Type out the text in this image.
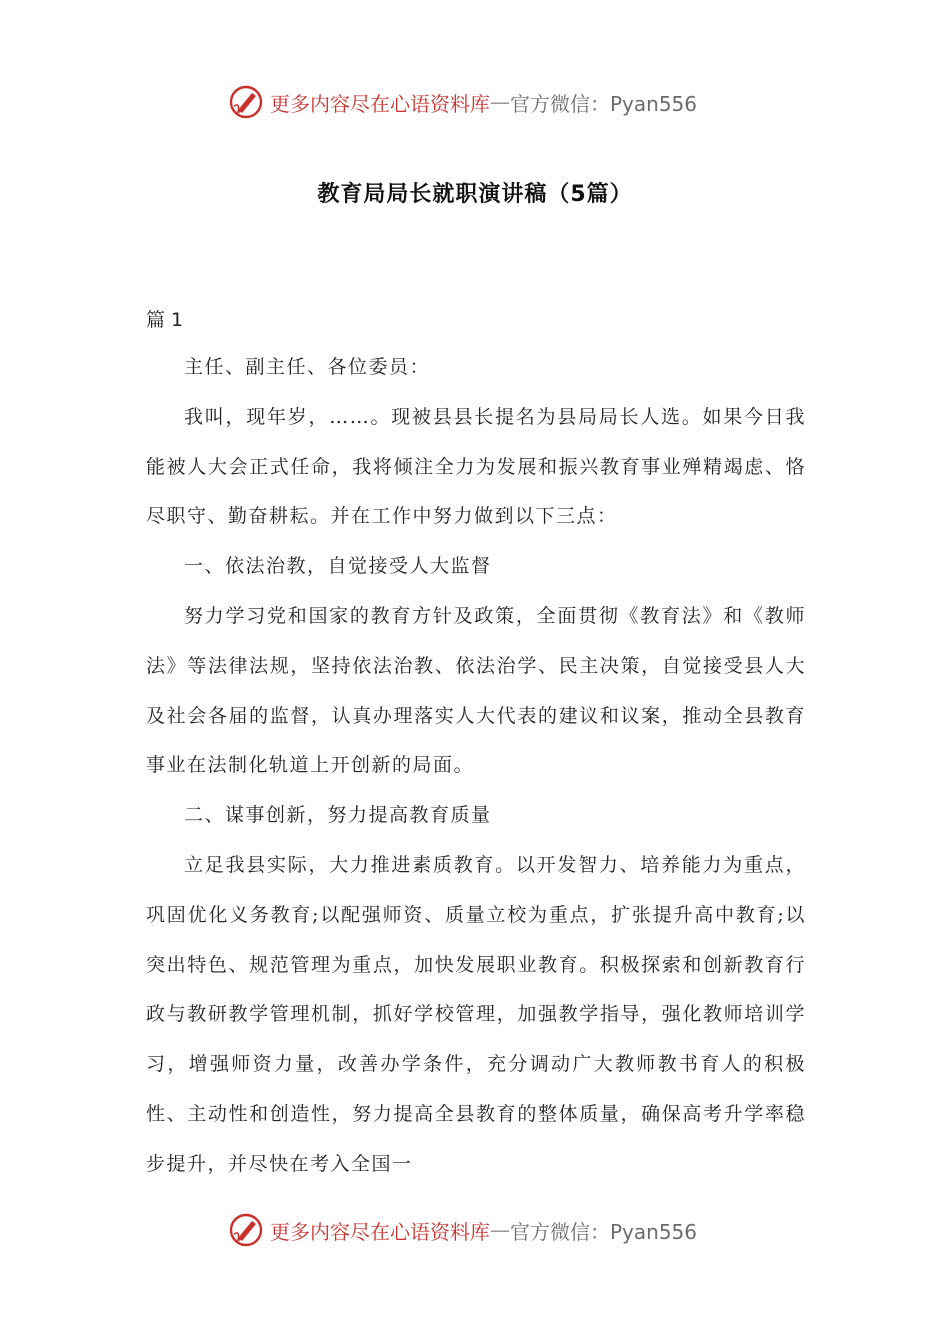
更多内容尽在心语资料库 — 官方微信：Pyan556
教育局局长就职演讲稿（5篇）
篇 1

主任、副主任、各位委员：

我叫，现年岁，……。现被县县长提名为县局局长人选。如果今日我能被人大会正式任命，我将倾注全力为发展和振兴教育事业殚精竭虑、恪尽职守、勤奋耕耘。并在工作中努力做到以下三点：

一、依法治教，自觉接受人大监督

努力学习党和国家的教育方针及政策，全面贯彻《教育法》和《教师法》等法律法规，坚持依法治教、依法治学、民主决策，自觉接受县人大及社会各届的监督，认真办理落实人大代表的建议和议案，推动全县教育事业在法制化轨道上开创新的局面。

二、谋事创新，努力提高教育质量

立足我县实际，大力推进素质教育。以开发智力、培养能力为重点，巩固优化义务教育;以配强师资、质量立校为重点，扩张提升高中教育;以突出特色、规范管理为重点，加快发展职业教育。积极探索和创新教育行政与教研教学管理机制，抓好学校管理，加强教学指导，强化教师培训学习，增强师资力量，改善办学条件，充分调动广大教师教书育人的积极性、主动性和创造性，努力提高全县教育的整体质量，确保高考升学率稳步提升，并尽快在考入全国一

更多内容尽在心语资料库 — 官方微信：Pyan556
